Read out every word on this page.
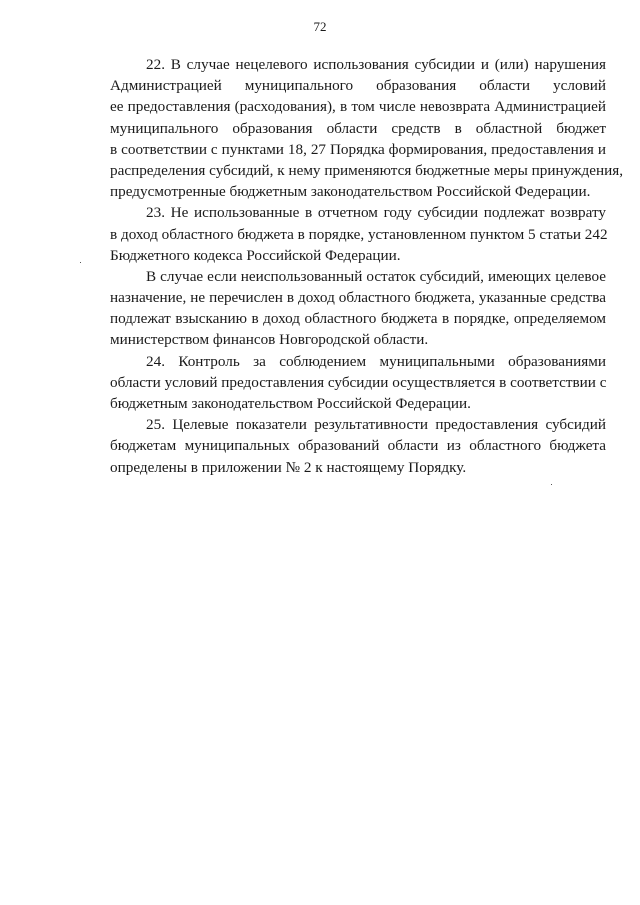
72
22. В случае нецелевого использования субсидии и (или) нарушения
Администрацией муниципального образования области условий
ее предоставления (расходования), в том числе невозврата Администрацией
муниципального образования области средств в областной бюджет
в соответствии с пунктами 18, 27 Порядка формирования, предоставления и
распределения субсидий, к нему применяются бюджетные меры принуждения,
предусмотренные бюджетным законодательством Российской Федерации.
23. Не использованные в отчетном году субсидии подлежат возврату
в доход областного бюджета в порядке, установленном пунктом 5 статьи 242
Бюджетного кодекса Российской Федерации.
В случае если неиспользованный остаток субсидий, имеющих целевое
назначение, не перечислен в доход областного бюджета, указанные средства
подлежат взысканию в доход областного бюджета в порядке, определяемом
министерством финансов Новгородской области.
24. Контроль за соблюдением муниципальными образованиями
области условий предоставления субсидии осуществляется в соответствии с
бюджетным законодательством Российской Федерации.
25. Целевые показатели результативности предоставления субсидий
бюджетам муниципальных образований области из областного бюджета
определены в приложении № 2 к настоящему Порядку.
